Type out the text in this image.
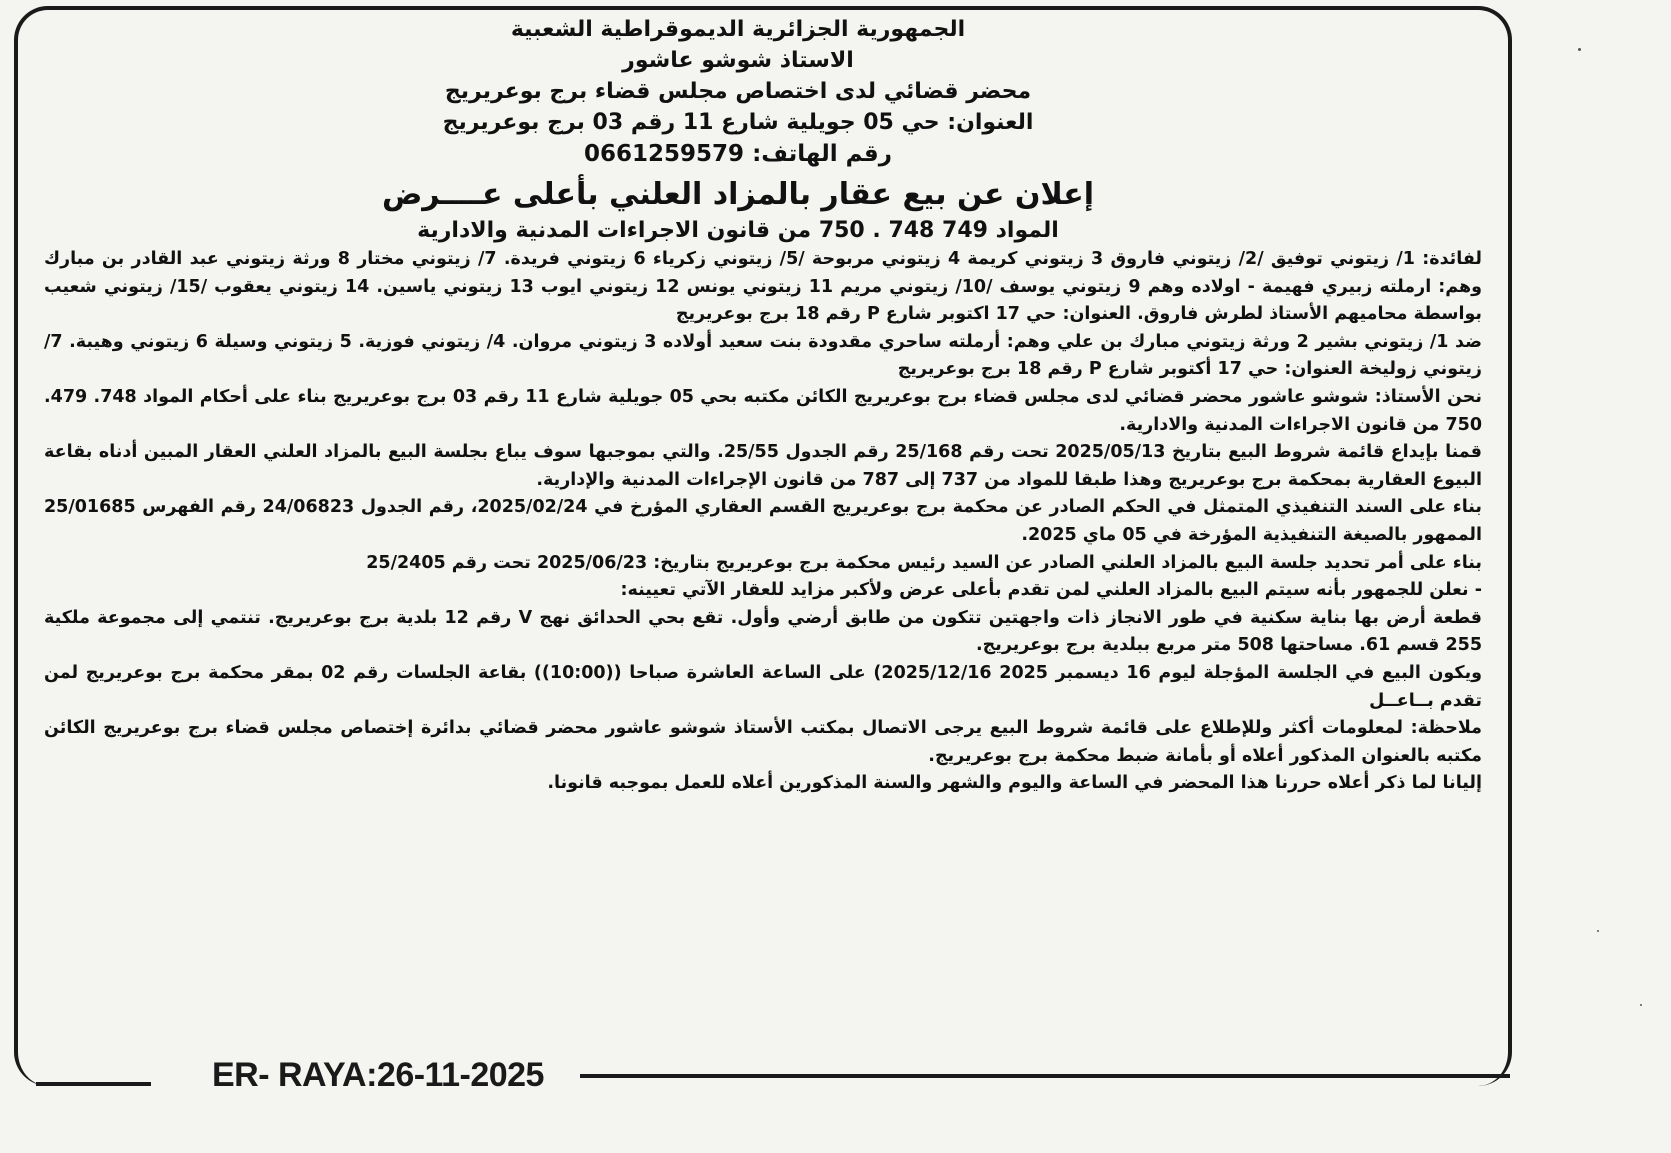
الجمهورية الجزائرية الديموقراطية الشعبية
الاستاذ شوشو عاشور
محضر قضائي لدى اختصاص مجلس قضاء برج بوعريريج
العنوان: حي 05 جويلية شارع 11 رقم 03 برج بوعريريج
رقم الهاتف: 0661259579
إعلان عن بيع عقار بالمزاد العلني بأعلى عــــرض
المواد 749 748 . 750 من قانون الاجراءات المدنية والادارية
لفائدة: 1/ زيتوني توفيق /2/ زيتوني فاروق 3 زيتوني كريمة 4 زيتوني مربوحة /5/ زيتوني زكرياء 6 زيتوني فريدة. 7/ زيتوني مختار 8 ورثة زيتوني عبد القادر بن مبارك وهم: ارملته زبيري فهيمة - اولاده وهم 9 زيتوني يوسف /10/ زيتوني مريم 11 زيتوني يونس 12 زيتوني ايوب 13 زيتوني ياسين. 14 زيتوني يعقوب /15/ زيتوني شعيب بواسطة محاميهم الأستاذ لطرش فاروق. العنوان: حي 17 اكتوبر شارع P رقم 18 برج بوعريريج
ضد 1/ زيتوني بشير 2 ورثة زيتوني مبارك بن علي وهم: أرملته ساحري مقدودة بنت سعيد أولاده 3 زيتوني مروان. 4/ زيتوني فوزية. 5 زيتوني وسيلة 6 زيتوني وهيبة. 7/ زيتوني زوليخة العنوان: حي 17 أكتوبر شارع P رقم 18 برج بوعريريج
نحن الأستاذ: شوشو عاشور محضر قضائي لدى مجلس قضاء برج بوعريريج الكائن مكتبه بحي 05 جويلية شارع 11 رقم 03 برج بوعريريج بناء على أحكام المواد 748. 479. 750 من قانون الاجراءات المدنية والادارية.
قمنا بإيداع قائمة شروط البيع بتاريخ 2025/05/13 تحت رقم 25/168 رقم الجدول 25/55. والتي بموجبها سوف يباع بجلسة البيع بالمزاد العلني العقار المبين أدناه بقاعة البيوع العقارية بمحكمة برج بوعريريج وهذا طبقا للمواد من 737 إلى 787 من قانون الإجراءات المدنية والإدارية.
بناء على السند التنفيذي المتمثل في الحكم الصادر عن محكمة برج بوعريريج القسم العقاري المؤرخ في 2025/02/24، رقم الجدول 24/06823 رقم الفهرس 25/01685 الممهور بالصيغة التنفيذية المؤرخة في 05 ماي 2025.
بناء على أمر تحديد جلسة البيع بالمزاد العلني الصادر عن السيد رئيس محكمة برج بوعريريج بتاريخ: 2025/06/23 تحت رقم 25/2405
- نعلن للجمهور بأنه سيتم البيع بالمزاد العلني لمن تقدم بأعلى عرض ولأكبر مزايد للعقار الآتي تعيينه:
قطعة أرض بها بناية سكنية في طور الانجاز ذات واجهتين تتكون من طابق أرضي وأول. تقع بحي الحدائق نهج V رقم 12 بلدية برج بوعريريج. تنتمي إلى مجموعة ملكية 255 قسم 61. مساحتها 508 متر مربع ببلدية برج بوعريريج.
ويكون البيع في الجلسة المؤجلة ليوم 16 ديسمبر 2025 2025/12/16) على الساعة العاشرة صباحا ((10:00)) بقاعة الجلسات رقم 02 بمقر محكمة برج بوعريريج لمن تقدم بــاعــل
ملاحظة: لمعلومات أكثر وللإطلاع على قائمة شروط البيع يرجى الاتصال بمكتب الأستاذ شوشو عاشور محضر قضائي بدائرة إختصاص مجلس قضاء برج بوعريريج الكائن مكتبه بالعنوان المذكور أعلاه أو بأمانة ضبط محكمة برج بوعريريج.
إليانا لما ذكر أعلاه حررنا هذا المحضر في الساعة واليوم والشهر والسنة المذكورين أعلاه للعمل بموجبه قانونا.
ER- RAYA:26-11-2025
